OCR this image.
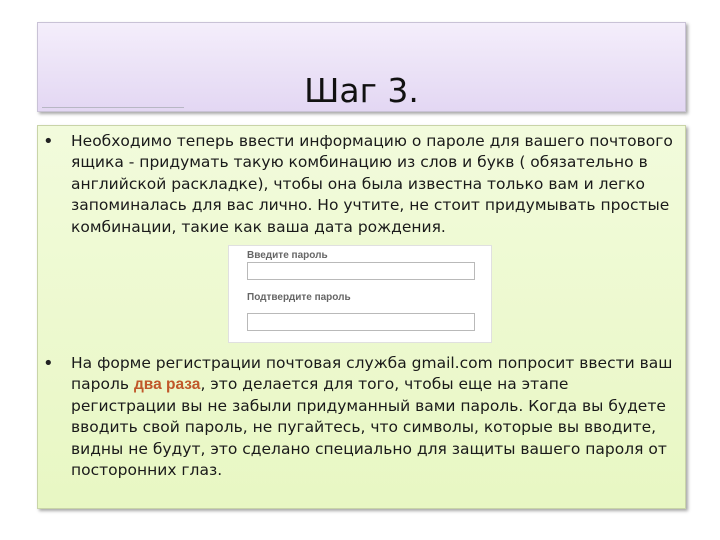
Шаг 3.
• Необходимо теперь ввести информацию о пароле для вашего почтового ящика - придумать такую комбинацию из слов и букв ( обязательно в английской раскладке), чтобы она была известна только вам и легко запоминалась для вас лично. Но учтите, не стоит придумывать простые комбинации, такие как ваша дата рождения.
Введите пароль
Подтвердите пароль
• На форме регистрации почтовая служба gmail.com попросит ввести ваш пароль два раза, это делается для того, чтобы еще на этапе регистрации вы не забыли придуманный вами пароль. Когда вы будете вводить свой пароль, не пугайтесь, что символы, которые вы вводите, видны не будут, это сделано специально для защиты вашего пароля от посторонних глаз.
